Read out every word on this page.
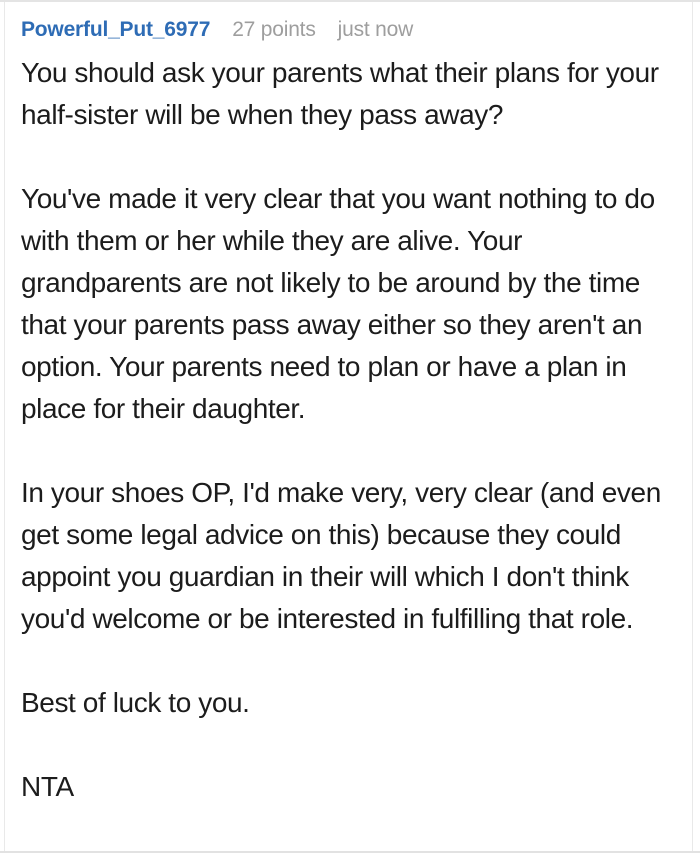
Powerful_Put_6977 27 points just now

You should ask your parents what their plans for your half-sister will be when they pass away?

You've made it very clear that you want nothing to do with them or her while they are alive. Your grandparents are not likely to be around by the time that your parents pass away either so they aren't an option. Your parents need to plan or have a plan in place for their daughter.

In your shoes OP, I'd make very, very clear (and even get some legal advice on this) because they could appoint you guardian in their will which I don't think you'd welcome or be interested in fulfilling that role.

Best of luck to you.

NTA
